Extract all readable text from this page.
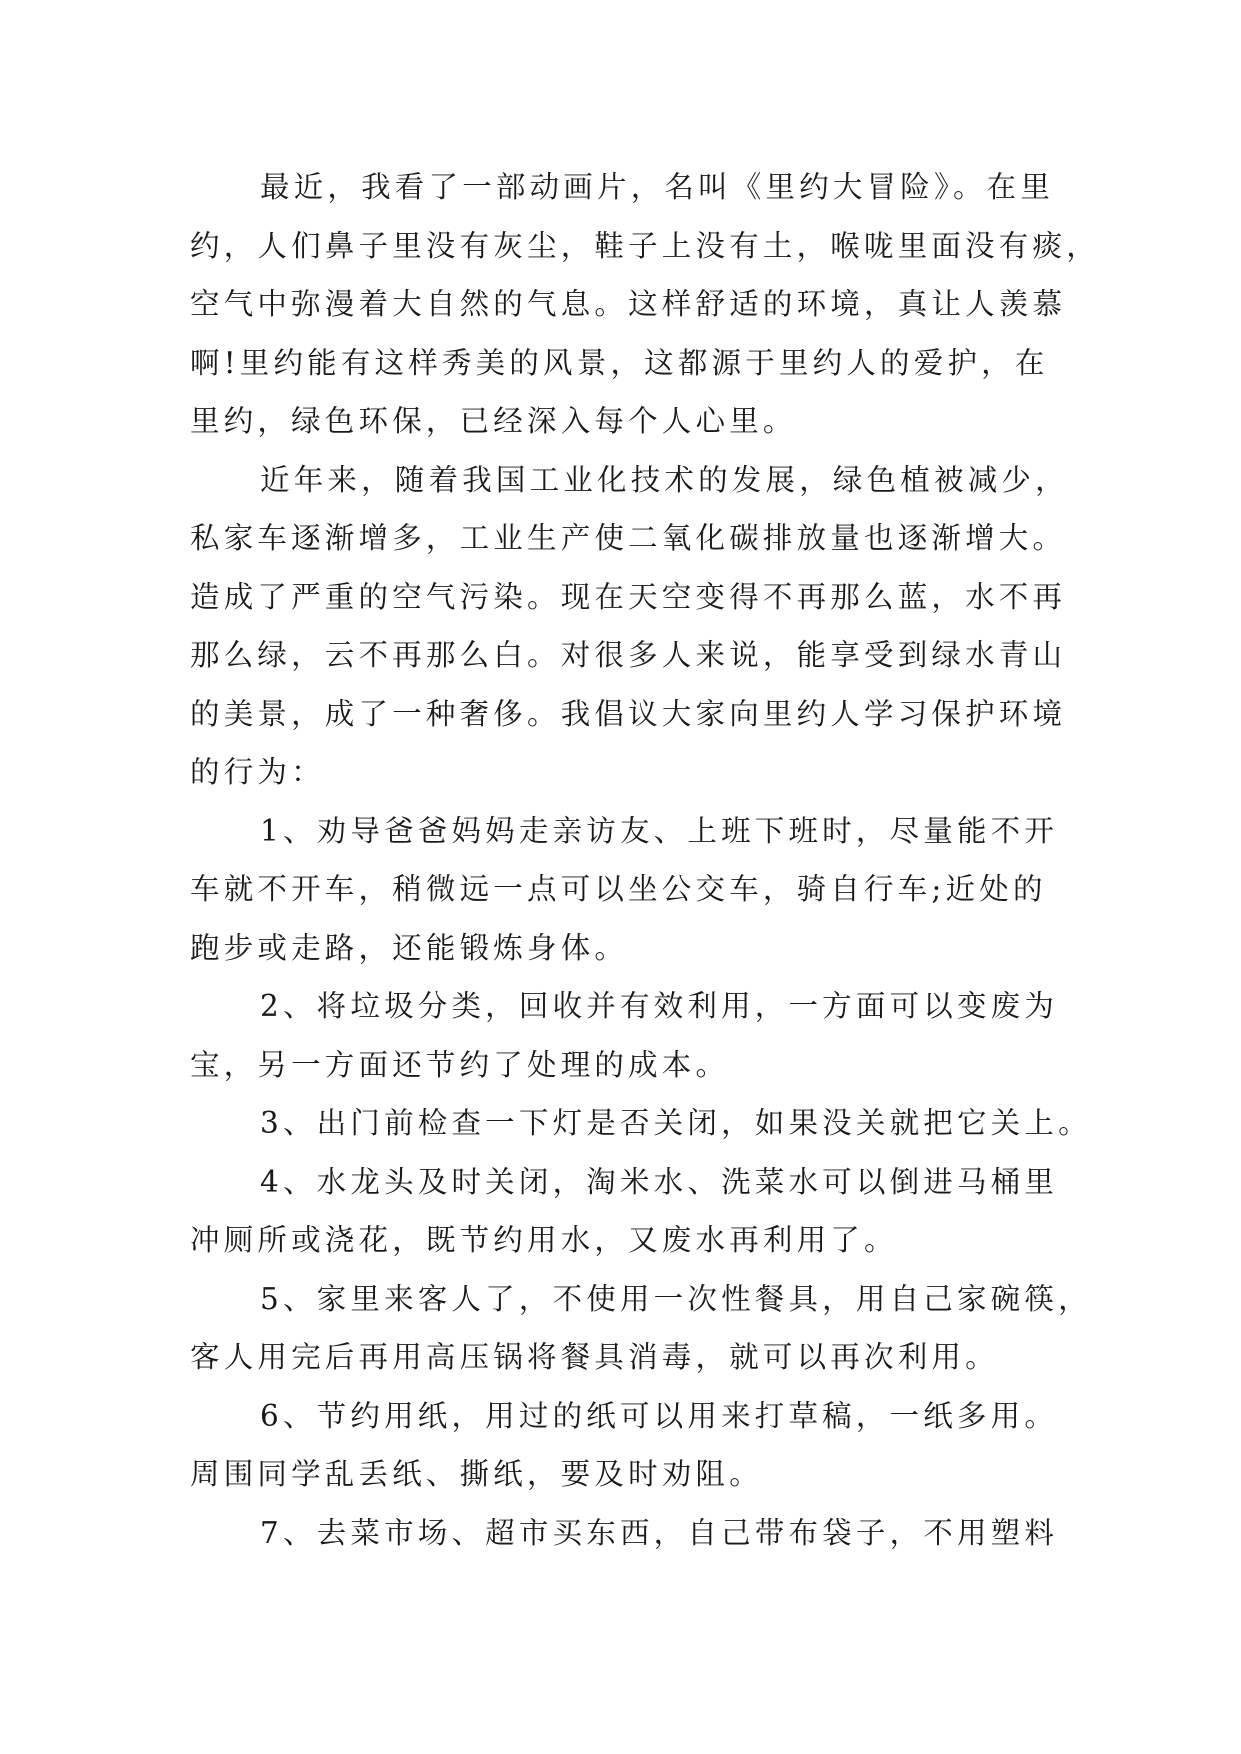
最近，我看了一部动画片，名叫《里约大冒险》。在里
约，人们鼻子里没有灰尘，鞋子上没有土，喉咙里面没有痰，
空气中弥漫着大自然的气息。这样舒适的环境，真让人羡慕
啊!里约能有这样秀美的风景，这都源于里约人的爱护，在
里约，绿色环保，已经深入每个人心里。
近年来，随着我国工业化技术的发展，绿色植被减少，
私家车逐渐增多，工业生产使二氧化碳排放量也逐渐增大。
造成了严重的空气污染。现在天空变得不再那么蓝，水不再
那么绿，云不再那么白。对很多人来说，能享受到绿水青山
的美景，成了一种奢侈。我倡议大家向里约人学习保护环境
的行为：
1、劝导爸爸妈妈走亲访友、上班下班时，尽量能不开
车就不开车，稍微远一点可以坐公交车，骑自行车;近处的
跑步或走路，还能锻炼身体。
2、将垃圾分类，回收并有效利用，一方面可以变废为
宝，另一方面还节约了处理的成本。
3、出门前检查一下灯是否关闭，如果没关就把它关上。
4、水龙头及时关闭，淘米水、洗菜水可以倒进马桶里
冲厕所或浇花，既节约用水，又废水再利用了。
5、家里来客人了，不使用一次性餐具，用自己家碗筷，
客人用完后再用高压锅将餐具消毒，就可以再次利用。
6、节约用纸，用过的纸可以用来打草稿，一纸多用。
周围同学乱丢纸、撕纸，要及时劝阻。
7、去菜市场、超市买东西，自己带布袋子，不用塑料
